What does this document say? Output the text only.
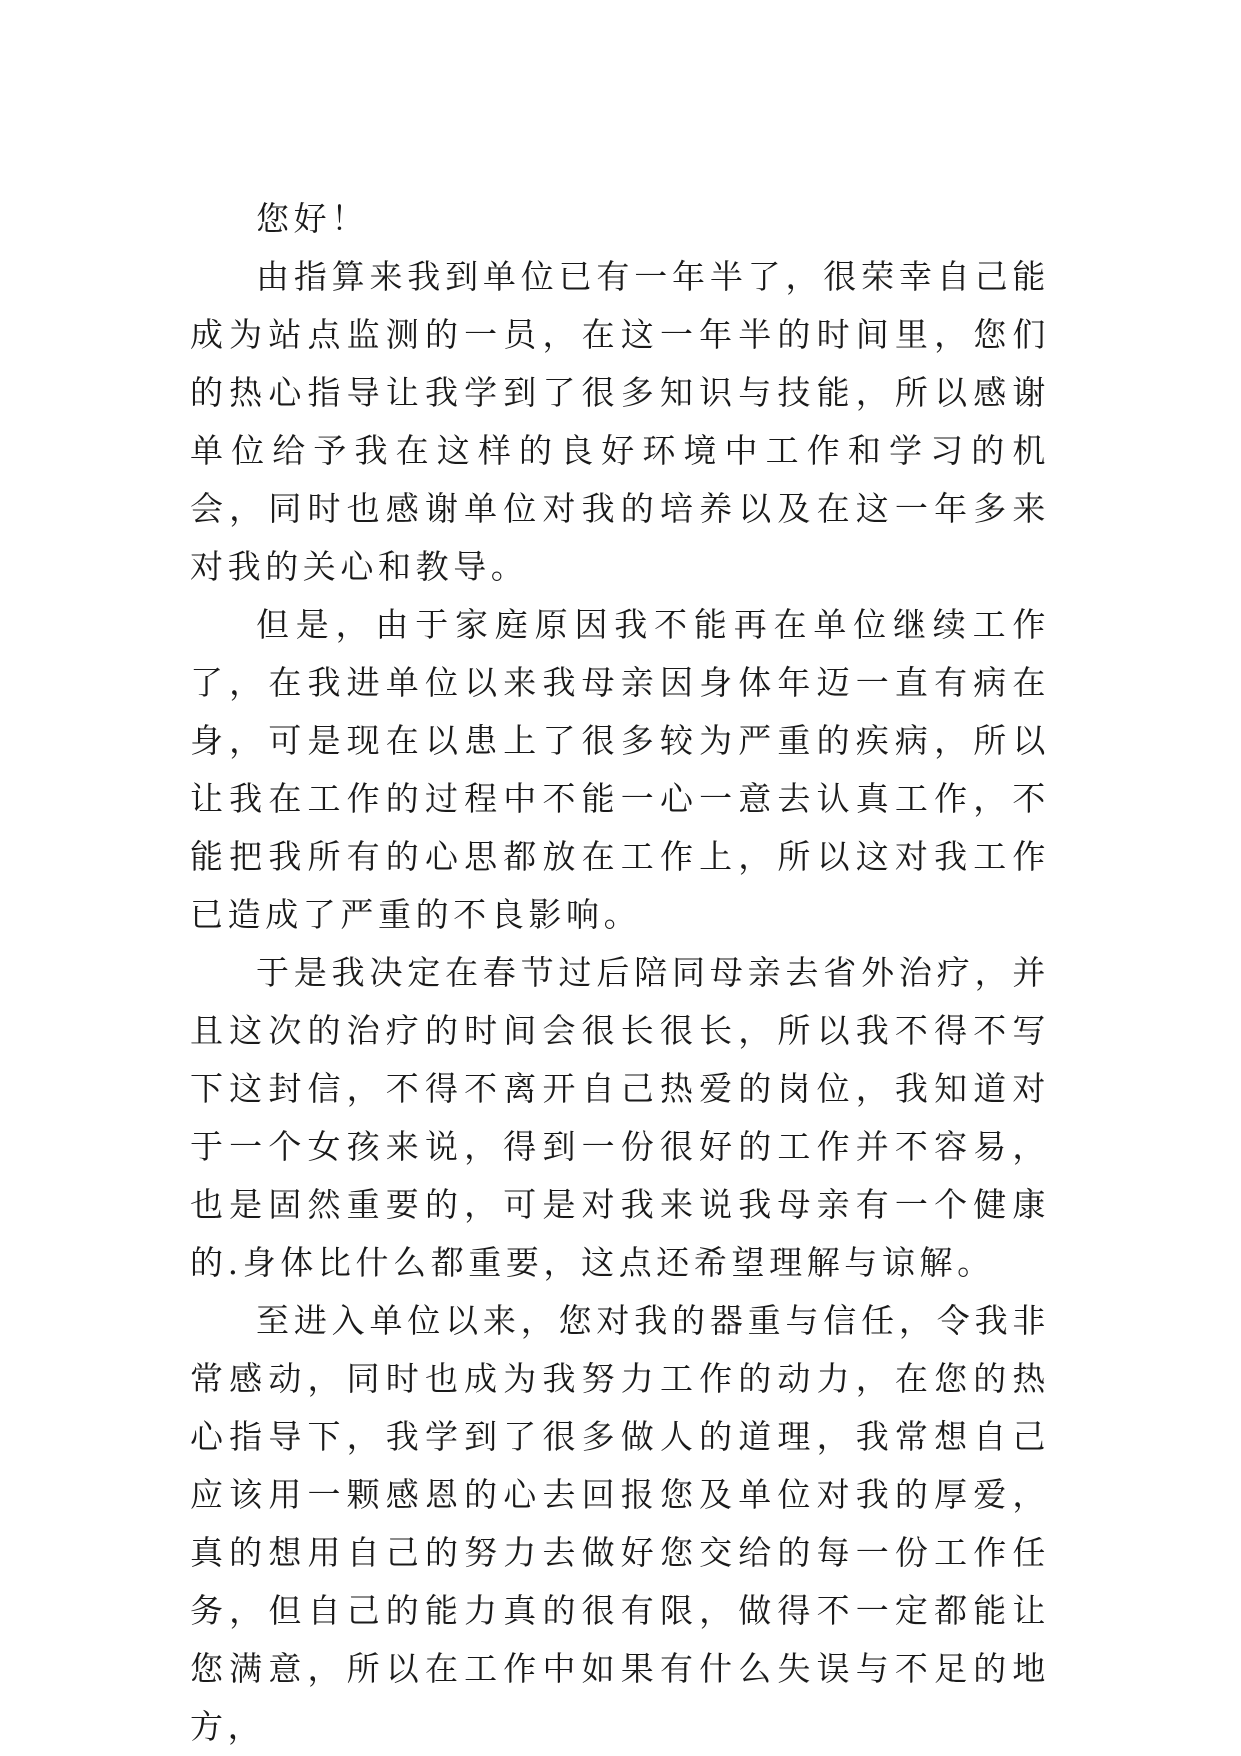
您好！

由指算来我到单位已有一年半了，很荣幸自己能成为站点监测的一员，在这一年半的时间里，您们的热心指导让我学到了很多知识与技能，所以感谢单位给予我在这样的良好环境中工作和学习的机会，同时也感谢单位对我的培养以及在这一年多来对我的关心和教导。

但是，由于家庭原因我不能再在单位继续工作了，在我进单位以来我母亲因身体年迈一直有病在身，可是现在以患上了很多较为严重的疾病，所以让我在工作的过程中不能一心一意去认真工作，不能把我所有的心思都放在工作上，所以这对我工作已造成了严重的不良影响。

于是我决定在春节过后陪同母亲去省外治疗，并且这次的治疗的时间会很长很长，所以我不得不写下这封信，不得不离开自己热爱的岗位，我知道对于一个女孩来说，得到一份很好的工作并不容易，也是固然重要的，可是对我来说我母亲有一个健康的.身体比什么都重要，这点还希望理解与谅解。

至进入单位以来，您对我的器重与信任，令我非常感动，同时也成为我努力工作的动力，在您的热心指导下，我学到了很多做人的道理，我常想自己应该用一颗感恩的心去回报您及单位对我的厚爱，真的想用自己的努力去做好您交给的每一份工作任务，但自己的能力真的很有限，做得不一定都能让您满意，所以在工作中如果有什么失误与不足的地方，
